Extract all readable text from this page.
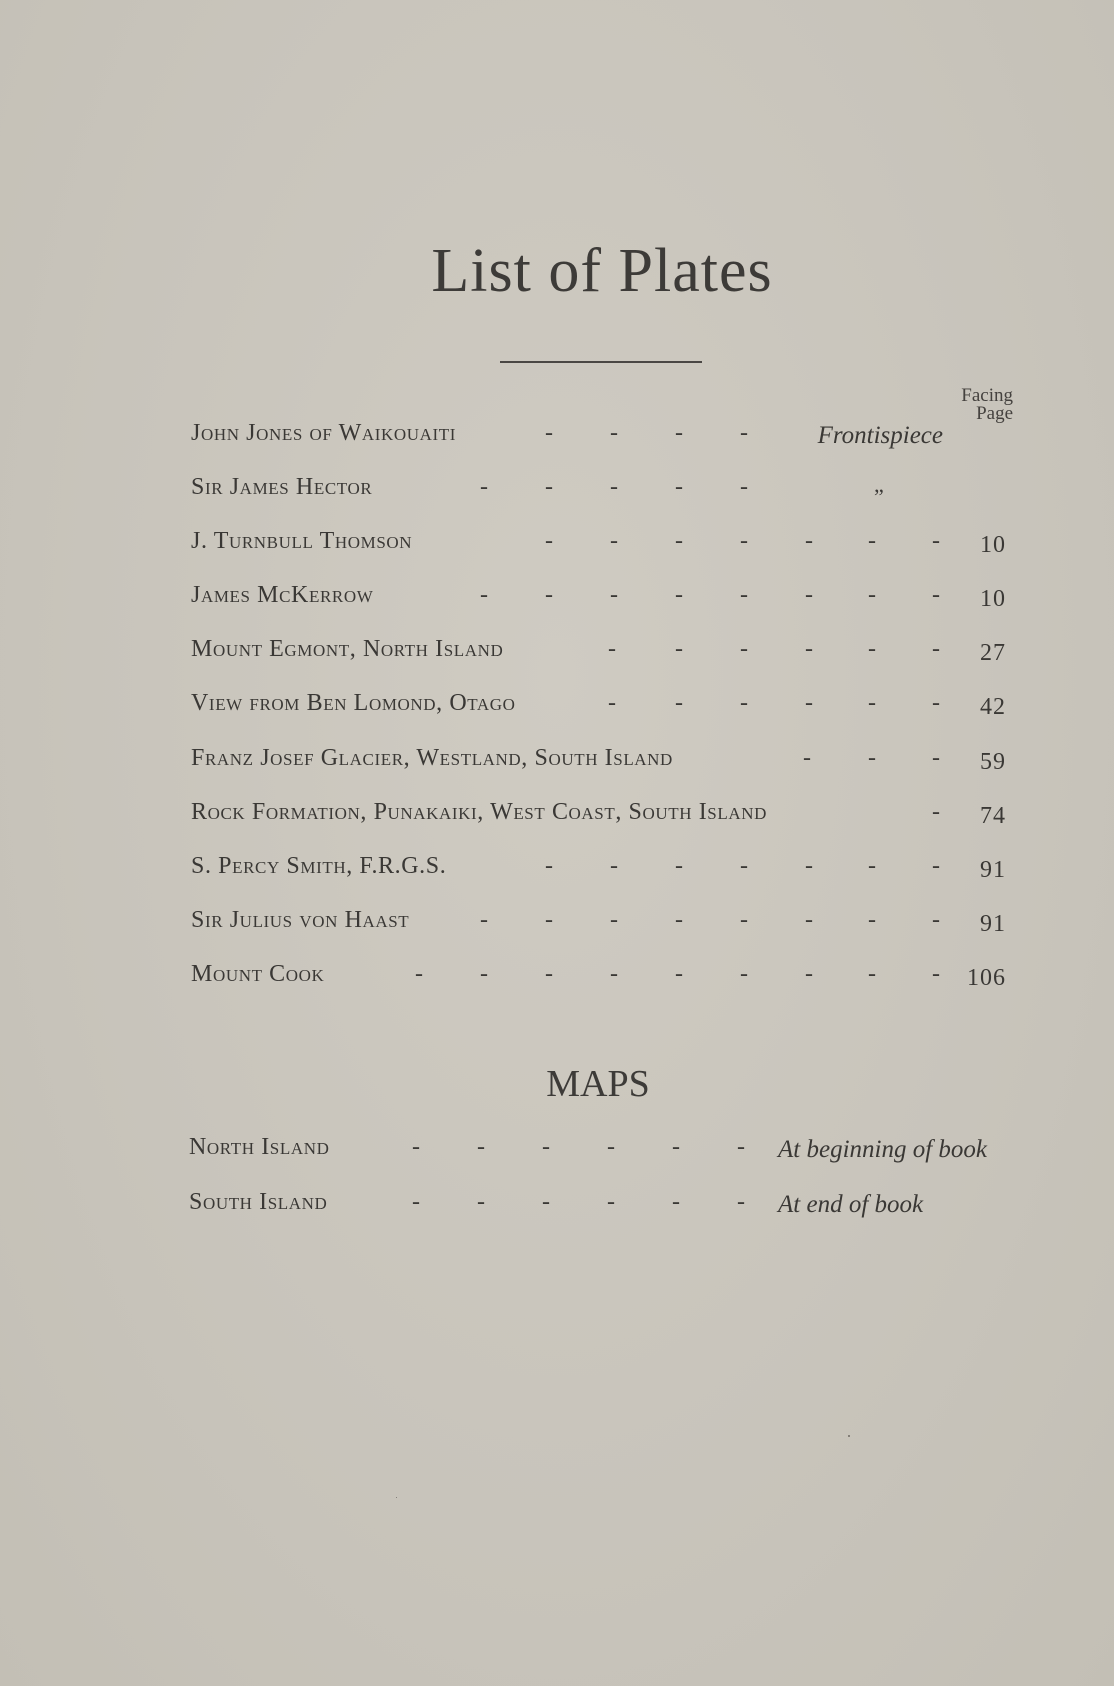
List of Plates
Facing
Page
John Jones of Waikouaiti	- - - -	Frontispiece
Sir James Hector	- - - - -	”
J. Turnbull Thomson	- - - - - - - 10
James McKerrow	- - - - - - - - 10
Mount Egmont, North Island	- - - - - - 27
View from Ben Lomond, Otago	- - - - - - 42
Franz Josef Glacier, Westland, South Island	- - - 59
Rock Formation, Punakaiki, West Coast, South Island	- 74
S. Percy Smith, F.R.G.S.	- - - - - - - 91
Sir Julius von Haast	- - - - - - - - 91
Mount Cook	- - - - - - - - - 106
MAPS
North Island	- - - - - - At beginning of book
South Island	- - - - - - At end of book
